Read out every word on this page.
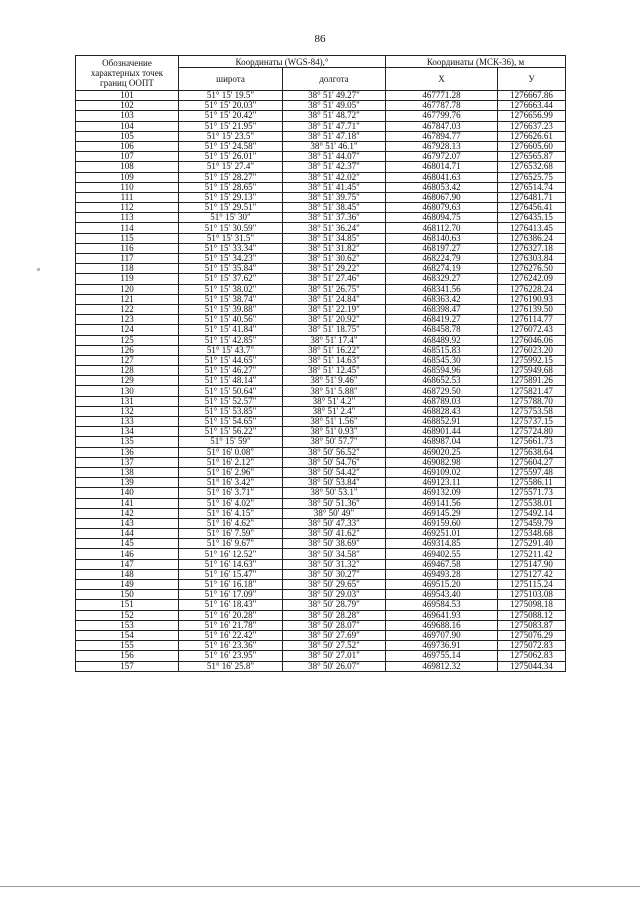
86
Обозначение характерных точек границ ООПТ	Координаты (WGS-84),°		Координаты (МСК-36), м	
	широта	долгота	X	У
101	51° 15' 19.5"	38° 51' 49.27"	467771.28	1276667.86
102	51° 15' 20.03"	38° 51' 49.05"	467787.78	1276663.44
103	51° 15' 20.42"	38° 51' 48.72"	467799.76	1276656.99
104	51° 15' 21.95"	38° 51' 47.71"	467847.03	1276637.23
105	51° 15' 23.5"	38° 51' 47.18"	467894.77	1276626.61
106	51° 15' 24.58"	38° 51' 46.1"	467928.13	1276605.60
107	51° 15' 26.01"	38° 51' 44.07"	467972.07	1276565.87
108	51° 15' 27.4"	38° 51' 42.37"	468014.71	1276532.68
109	51° 15' 28.27"	38° 51' 42.02"	468041.63	1276525.75
110	51° 15' 28.65"	38° 51' 41.45"	468053.42	1276514.74
111	51° 15' 29.13"	38° 51' 39.75"	468067.90	1276481.71
112	51° 15' 29.51"	38° 51' 38.45"	468079.63	1276456.41
113	51° 15' 30"	38° 51' 37.36"	468094.75	1276435.15
114	51° 15' 30.59"	38° 51' 36.24"	468112.70	1276413.45
115	51° 15' 31.5"	38° 51' 34.85"	468140.63	1276386.24
116	51° 15' 33.34"	38° 51' 31.82"	468197.27	1276327.18
117	51° 15' 34.23"	38° 51' 30.62"	468224.79	1276303.84
118	51° 15' 35.84"	38° 51' 29.22"	468274.19	1276276.50
119	51° 15' 37.62"	38° 51' 27.46"	468329.27	1276242.09
120	51° 15' 38.02"	38° 51' 26.75"	468341.56	1276228.24
121	51° 15' 38.74"	38° 51' 24.84"	468363.42	1276190.93
122	51° 15' 39.88"	38° 51' 22.19"	468398.47	1276139.50
123	51° 15' 40.56"	38° 51' 20.92"	468419.27	1276114.77
124	51° 15' 41.84"	38° 51' 18.75"	468458.78	1276072.43
125	51° 15' 42.85"	38° 51' 17.4"	468489.92	1276046.06
126	51° 15' 43.7"	38° 51' 16.22"	468515.83	1276023.20
127	51° 15' 44.65"	38° 51' 14.63"	468545.30	1275992.15
128	51° 15' 46.27"	38° 51' 12.45"	468594.96	1275949.68
129	51° 15' 48.14"	38° 51' 9.46"	468652.53	1275891.26
130	51° 15' 50.64"	38° 51' 5.88"	468729.50	1275821.47
131	51° 15' 52.57"	38° 51' 4.2"	468789.03	1275788.70
132	51° 15' 53.85"	38° 51' 2.4"	468828.43	1275753.58
133	51° 15' 54.65"	38° 51' 1.56"	468852.91	1275737.15
134	51° 15' 56.22"	38° 51' 0.93"	468901.44	1275724.80
135	51° 15' 59"	38° 50' 57.7"	468987.04	1275661.73
136	51° 16' 0.08"	38° 50' 56.52"	469020.25	1275638.64
137	51° 16' 2.12"	38° 50' 54.76"	469082.98	1275604.27
138	51° 16' 2.96"	38° 50' 54.42"	469109.02	1275597.48
139	51° 16' 3.42"	38° 50' 53.84"	469123.11	1275586.11
140	51° 16' 3.71"	38° 50' 53.1"	469132.09	1275571.73
141	51° 16' 4.02"	38° 50' 51.36"	469141.56	1275538.01
142	51° 16' 4.15"	38° 50' 49"	469145.29	1275492.14
143	51° 16' 4.62"	38° 50' 47.33"	469159.60	1275459.79
144	51° 16' 7.59"	38° 50' 41.62"	469251.01	1275348.68
145	51° 16' 9.67"	38° 50' 38.69"	469314.85	1275291.40
146	51° 16' 12.52"	38° 50' 34.58"	469402.55	1275211.42
147	51° 16' 14.63"	38° 50' 31.32"	469467.58	1275147.90
148	51° 16' 15.47"	38° 50' 30.27"	469493.28	1275127.42
149	51° 16' 16.18"	38° 50' 29.65"	469515.20	1275115.24
150	51° 16' 17.09"	38° 50' 29.03"	469543.40	1275103.08
151	51° 16' 18.43"	38° 50' 28.79"	469584.53	1275098.18
152	51° 16' 20.28"	38° 50' 28.28"	469641.93	1275088.12
153	51° 16' 21.78"	38° 50' 28.07"	469688.16	1275083.87
154	51° 16' 22.42"	38° 50' 27.69"	469707.90	1275076.29
155	51° 16' 23.36"	38° 50' 27.52"	469736.91	1275072.83
156	51° 16' 23.95"	38° 50' 27.01"	469755.14	1275062.83
157	51° 16' 25.8"	38° 50' 26.07"	469812.32	1275044.34
